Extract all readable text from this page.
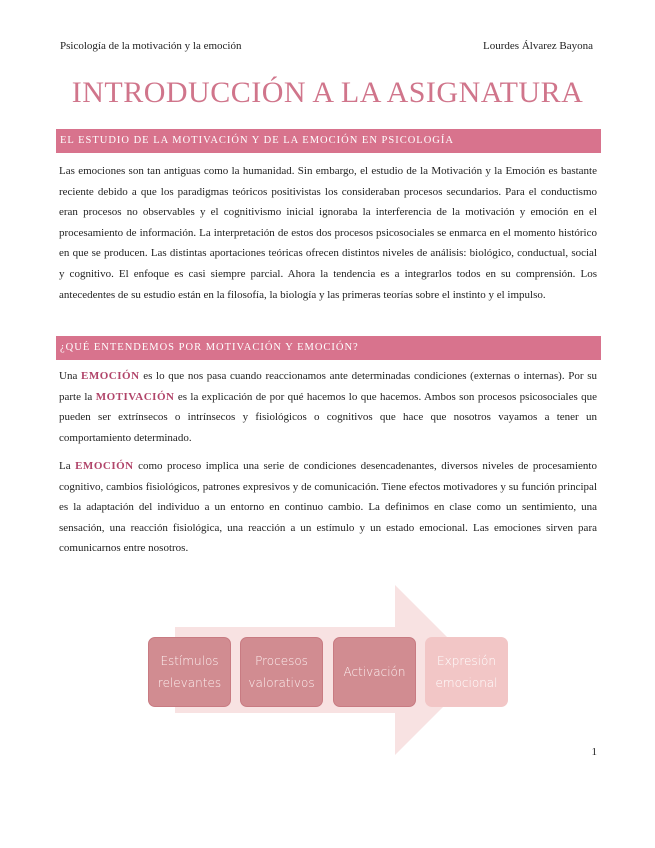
Psicología de la motivación y la emoción	Lourdes Álvarez Bayona
INTRODUCCIÓN A LA ASIGNATURA
EL ESTUDIO DE LA MOTIVACIÓN Y DE LA EMOCIÓN EN PSICOLOGÍA
Las emociones son tan antiguas como la humanidad. Sin embargo, el estudio de la Motivación y la Emoción es bastante reciente debido a que los paradigmas teóricos positivistas los consideraban procesos secundarios. Para el conductismo eran procesos no observables y el cognitivismo inicial ignoraba la interferencia de la motivación y emoción en el procesamiento de información. La interpretación de estos dos procesos psicosociales se enmarca en el momento histórico en que se producen. Las distintas aportaciones teóricas ofrecen distintos niveles de análisis: biológico, conductual, social y cognitivo. El enfoque es casi siempre parcial. Ahora la tendencia es a integrarlos todos en su comprensión. Los antecedentes de su estudio están en la filosofía, la biología y las primeras teorías sobre el instinto y el impulso.
¿QUÉ ENTENDEMOS POR MOTIVACIÓN Y EMOCIÓN?
Una EMOCIÓN es lo que nos pasa cuando reaccionamos ante determinadas condiciones (externas o internas). Por su parte la MOTIVACIÓN es la explicación de por qué hacemos lo que hacemos. Ambos son procesos psicosociales que pueden ser extrínsecos o intrínsecos y fisiológicos o cognitivos que hace que nosotros vayamos a tener un comportamiento determinado.
La EMOCIÓN como proceso implica una serie de condiciones desencadenantes, diversos niveles de procesamiento cognitivo, cambios fisiológicos, patrones expresivos y de comunicación. Tiene efectos motivadores y su función principal es la adaptación del individuo a un entorno en continuo cambio. La definimos en clase como un sentimiento, una sensación, una reacción fisiológica, una reacción a un estímulo y un estado emocional. Las emociones sirven para comunicarnos entre nosotros.
Estímulos
relevantes
Procesos
valorativos
Activación
Expresión
emocional
1
